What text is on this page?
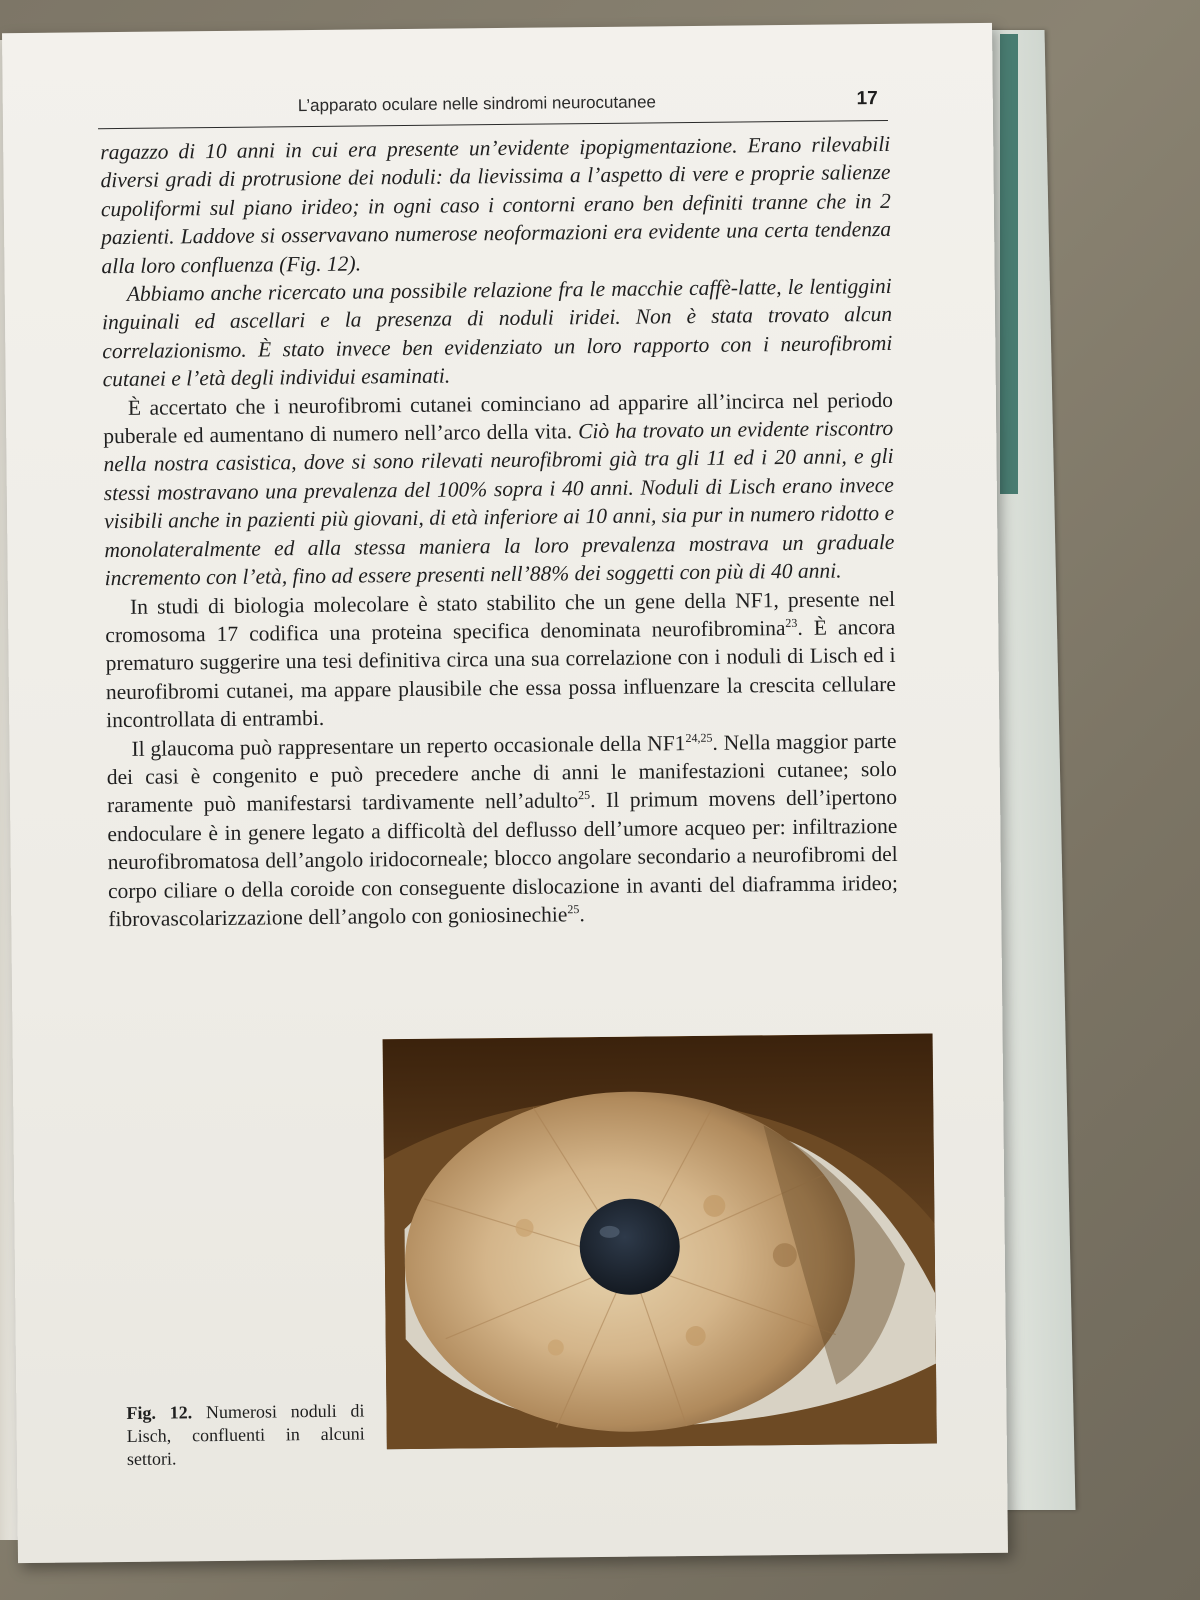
L’apparato oculare nelle sindromi neurocutanee	17

ragazzo di 10 anni in cui era presente un’evidente ipopigmentazione. Erano rilevabili diversi gradi di protrusione dei noduli: da lievissima a l’aspetto di vere e proprie salienze cupoliformi sul piano irideo; in ogni caso i contorni erano ben definiti tranne che in 2 pazienti. Laddove si osservavano numerose neoformazioni era evidente una certa tendenza alla loro confluenza (Fig. 12).

Abbiamo anche ricercato una possibile relazione fra le macchie caffè-latte, le lentiggini inguinali ed ascellari e la presenza di noduli iridei. Non è stata trovato alcun correlazionismo. È stato invece ben evidenziato un loro rapporto con i neurofibromi cutanei e l’età degli individui esaminati.

È accertato che i neurofibromi cutanei cominciano ad apparire all’incirca nel periodo puberale ed aumentano di numero nell’arco della vita. Ciò ha trovato un evidente riscontro nella nostra casistica, dove si sono rilevati neurofibromi già tra gli 11 ed i 20 anni, e gli stessi mostravano una prevalenza del 100% sopra i 40 anni. Noduli di Lisch erano invece visibili anche in pazienti più giovani, di età inferiore ai 10 anni, sia pur in numero ridotto e monolateralmente ed alla stessa maniera la loro prevalenza mostrava un graduale incremento con l’età, fino ad essere presenti nell’88% dei soggetti con più di 40 anni.

In studi di biologia molecolare è stato stabilito che un gene della NF1, presente nel cromosoma 17 codifica una proteina specifica denominata neurofibromina$^{23}$. È ancora prematuro suggerire una tesi definitiva circa una sua correlazione con i noduli di Lisch ed i neurofibromi cutanei, ma appare plausibile che essa possa influenzare la crescita cellulare incontrollata di entrambi.

Il glaucoma può rappresentare un reperto occasionale della NF1$^{24,25}$. Nella maggior parte dei casi è congenito e può precedere anche di anni le manifestazioni cutanee; solo raramente può manifestarsi tardivamente nell’adulto$^{25}$. Il primum movens dell’ipertono endoculare è in genere legato a difficoltà del deflusso dell’umore acqueo per: infiltrazione neurofibromatosa dell’angolo iridocorneale; blocco angolare secondario a neurofibromi del corpo ciliare o della coroide con conseguente dislocazione in avanti del diaframma irideo; fibrovascolarizzazione dell’angolo con goniosinechie$^{25}$.

Fig. 12. Numerosi noduli di Lisch, confluenti in alcuni settori.
